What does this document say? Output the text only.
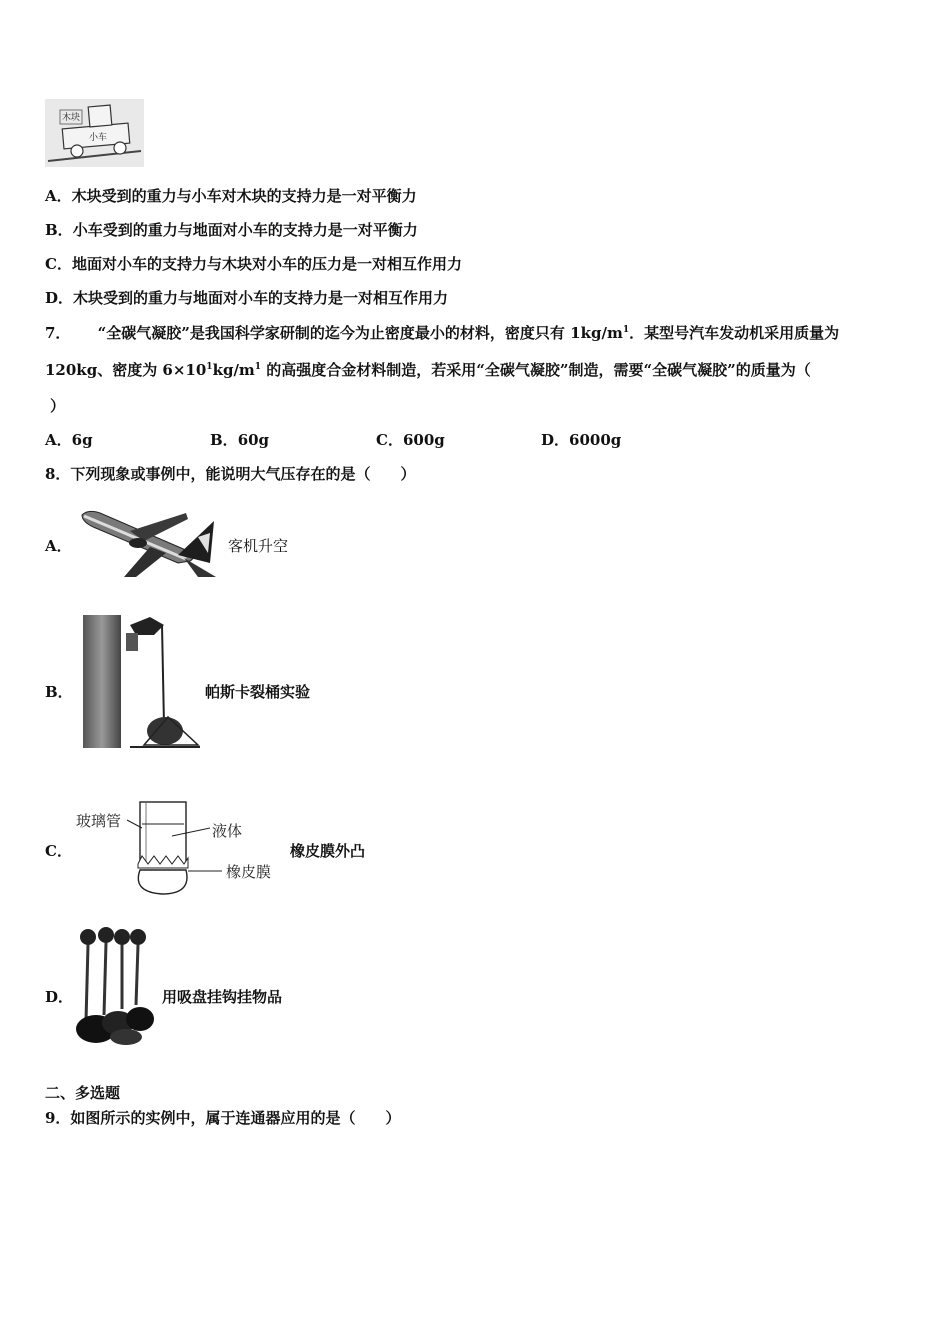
木块
小车
A．木块受到的重力与小车对木块的支持力是一对平衡力
B．小车受到的重力与地面对小车的支持力是一对平衡力
C．地面对小车的支持力与木块对小车的压力是一对相互作用力
D．木块受到的重力与地面对小车的支持力是一对相互作用力
7． “全碳气凝胶”是我国科学家研制的迄今为止密度最小的材料，密度只有 $1kg/m^1$．某型号汽车发动机采用质量为
120kg、密度为 $6\times 10^1kg/m^1$ 的高强度合金材料制造，若采用“全碳气凝胶”制造，需要“全碳气凝胶”的质量为（
）
A．6g	B．60g	C．600g	D．6000g
8．下列现象或事例中，能说明大气压存在的是（　　）
A．	客机升空
B．	帕斯卡裂桶实验
C．
玻璃管
液体
橡皮膜
橡皮膜外凸
D．	用吸盘挂钩挂物品
二、多选题
9．如图所示的实例中，属于连通器应用的是（　　）
